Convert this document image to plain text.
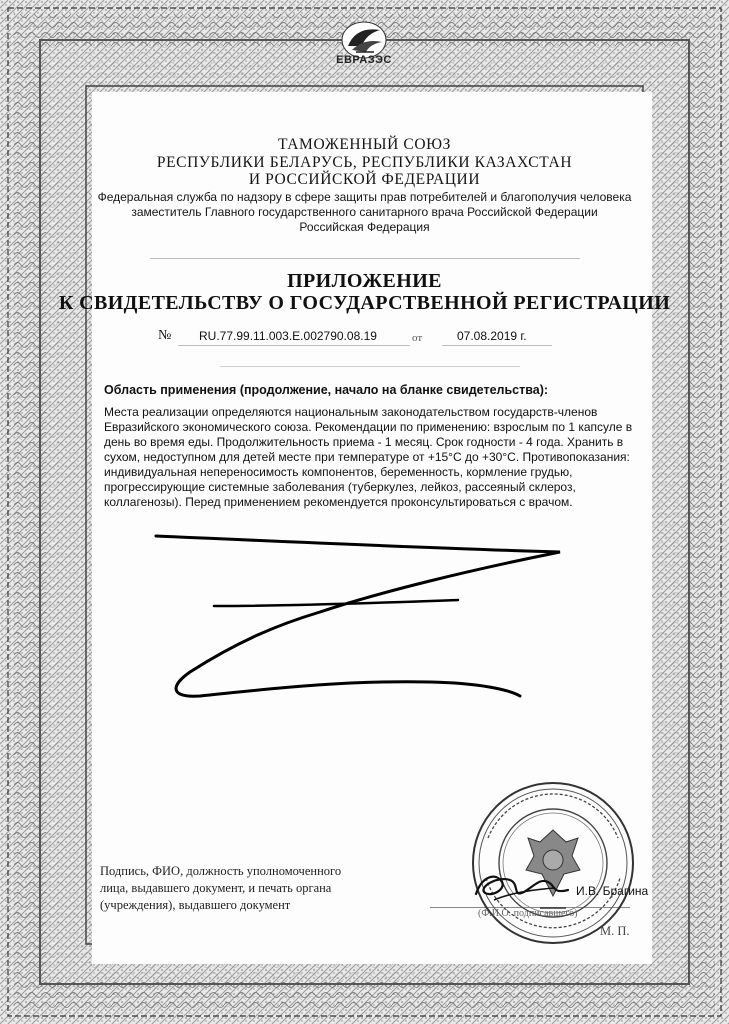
ЕВРАЗЭС
ТАМОЖЕННЫЙ СОЮЗ
РЕСПУБЛИКИ БЕЛАРУСЬ, РЕСПУБЛИКИ КАЗАХСТАН
И РОССИЙСКОЙ ФЕДЕРАЦИИ
Федеральная служба по надзору в сфере защиты прав потребителей и благополучия человека
заместитель Главного государственного санитарного врача Российской Федерации
Российская Федерация
ПРИЛОЖЕНИЕ
К СВИДЕТЕЛЬСТВУ О ГОСУДАРСТВЕННОЙ РЕГИСТРАЦИИ
№ RU.77.99.11.003.E.002790.08.19	от	07.08.2019 г.
Область применения (продолжение, начало на бланке свидетельства):
Места реализации определяются национальным законодательством государств-членов
Евразийского экономического союза. Рекомендации по применению: взрослым по 1 капсуле в
день во время еды. Продолжительность приема - 1 месяц. Срок годности - 4 года. Хранить в
сухом, недоступном для детей месте при температуре от +15°С до +30°С. Противопоказания:
индивидуальная непереносимость компонентов, беременность, кормление грудью,
прогрессирующие системные заболевания (туберкулез, лейкоз, рассеяный склероз,
коллагенозы). Перед применением рекомендуется проконсультироваться с врачом.
Подпись, ФИО, должность уполномоченного
лица, выдавшего документ, и печать органа
(учреждения), выдавшего документ
И.В. Брагина
(Ф.И.О. подписавшего)
М. П.
